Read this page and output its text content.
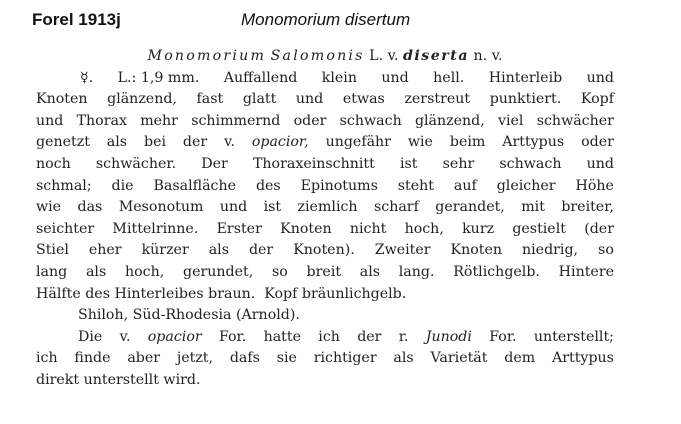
Forel 1913j	Monomorium disertum
Monomorium Salomonis L. v. diserta n. v.
☿. L.: 1,9 mm. Auffallend klein und hell. Hinterleib und
Knoten glänzend, fast glatt und etwas zerstreut punktiert. Kopf
und Thorax mehr schimmernd oder schwach glänzend, viel schwächer
genetzt als bei der v. opacior, ungefähr wie beim Arttypus oder
noch schwächer. Der Thoraxeinschnitt ist sehr schwach und
schmal; die Basalfläche des Epinotums steht auf gleicher Höhe
wie das Mesonotum und ist ziemlich scharf gerandet, mit breiter,
seichter Mittelrinne. Erster Knoten nicht hoch, kurz gestielt (der
Stiel eher kürzer als der Knoten). Zweiter Knoten niedrig, so
lang als hoch, gerundet, so breit als lang. Rötlichgelb. Hintere
Hälfte des Hinterleibes braun.  Kopf bräunlichgelb.
Shiloh, Süd-Rhodesia (Arnold).
Die v. opacior For. hatte ich der r. Junodi For. unterstellt;
ich finde aber jetzt, dafs sie richtiger als Varietät dem Arttypus
direkt unterstellt wird.
